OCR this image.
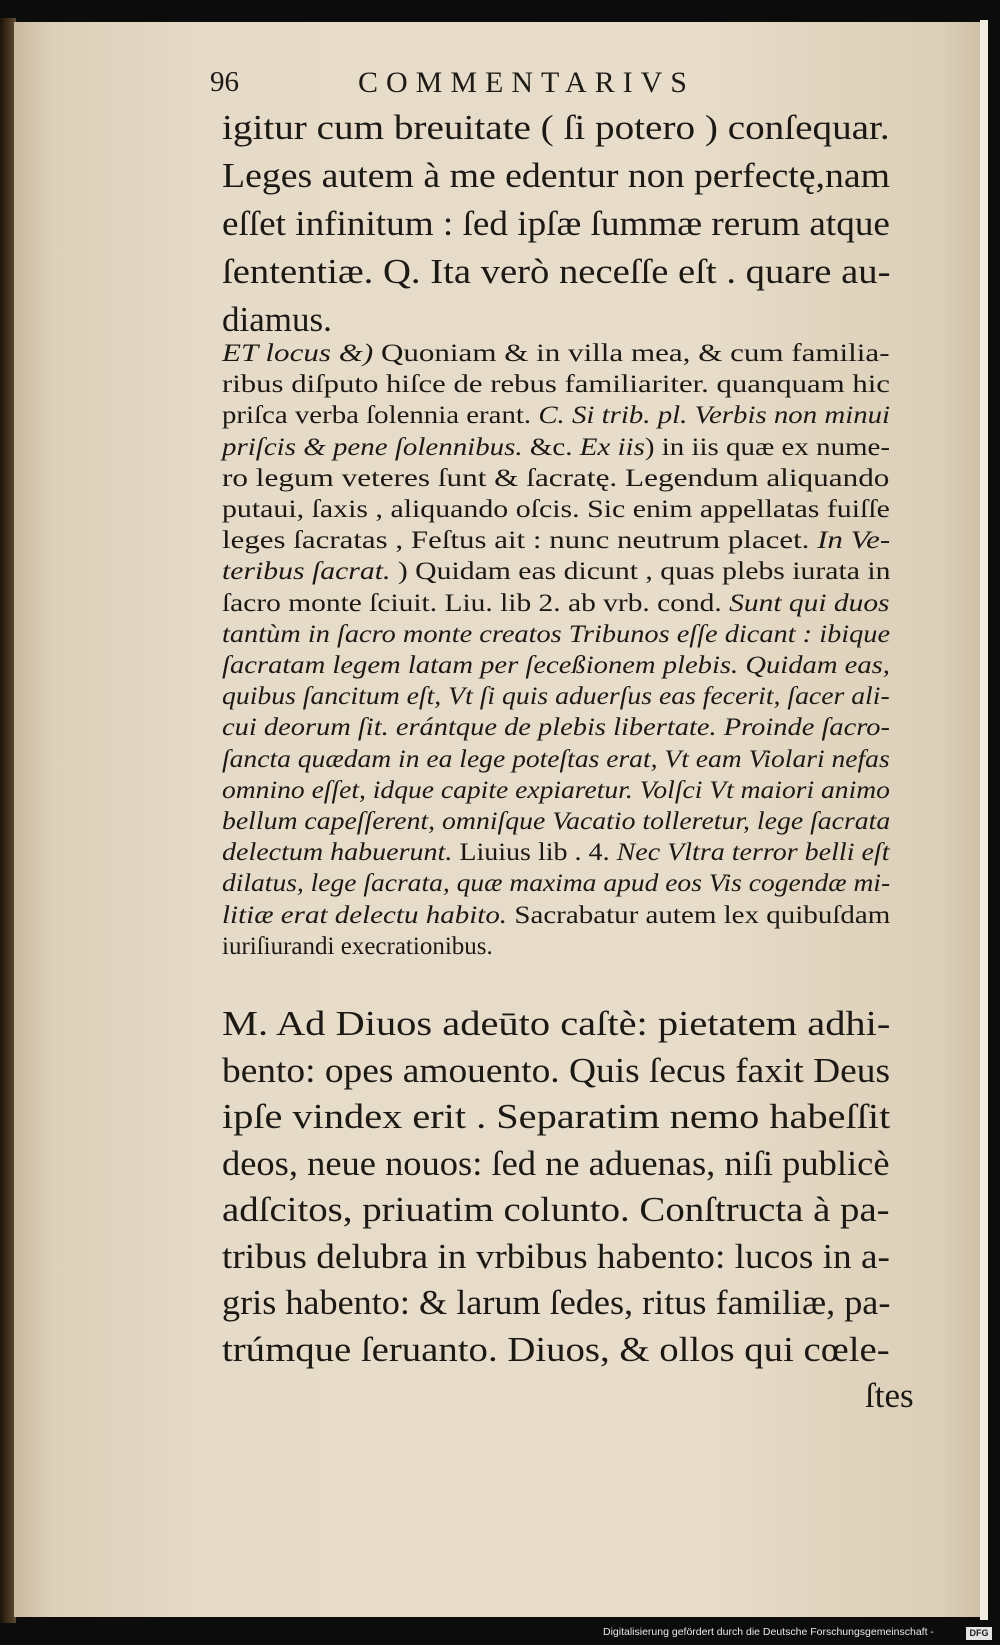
96	COMMENTARIVS
igitur cum breuitate ( ſi potero ) conſequar.
Leges autem à me edentur non perfectę,nam
eſſet infinitum : ſed ipſæ ſummæ rerum atque
ſententiæ. Q. Ita verò neceſſe eſt . quare au-
diamus.
ET locus &) Quoniam & in villa mea, & cum familia-
ribus diſputo hiſce de rebus familiariter. quanquam hic
priſca verba ſolennia erant. C. Si trib. pl. Verbis non minui
priſcis & pene ſolennibus. &c. Ex iis) in iis quæ ex nume-
ro legum veteres ſunt & ſacratę. Legendum aliquando
putaui, ſaxis , aliquando oſcis. Sic enim appellatas fuiſſe
leges ſacratas , Feſtus ait : nunc neutrum placet. In Ve-
teribus ſacrat. ) Quidam eas dicunt , quas plebs iurata in
ſacro monte ſciuit. Liu. lib 2. ab vrb. cond. Sunt qui duos
tantùm in ſacro monte creatos Tribunos eſſe dicant : ibique
ſacratam legem latam per ſeceßionem plebis. Quidam eas,
quibus ſancitum eſt, Vt ſi quis aduerſus eas fecerit, ſacer ali-
cui deorum ſit. erántque de plebis libertate. Proinde ſacro-
ſancta quædam in ea lege poteſtas erat, Vt eam Violari nefas
omnino eſſet, idque capite expiaretur. Volſci Vt maiori animo
bellum capeſſerent, omniſque Vacatio tolleretur, lege ſacrata
delectum habuerunt. Liuius lib . 4. Nec Vltra terror belli eſt
dilatus, lege ſacrata, quæ maxima apud eos Vis cogendæ mi-
litiæ erat delectu habito. Sacrabatur autem lex quibuſdam
iuriſiurandi execrationibus.
M. Ad Diuos adeūto caſtè: pietatem adhi-
bento: opes amouento. Quis ſecus faxit Deus
ipſe vindex erit . Separatim nemo habeſſit
deos, neue nouos: ſed ne aduenas, niſi publicè
adſcitos, priuatim colunto. Conſtructa à pa-
tribus delubra in vrbibus habento: lucos in a-
gris habento: & larum ſedes, ritus familiæ, pa-
trúmque ſeruanto. Diuos, & ollos qui cœle-
ſtes
Digitalisierung gefördert durch die Deutsche Forschungsgemeinschaft -	DFG
